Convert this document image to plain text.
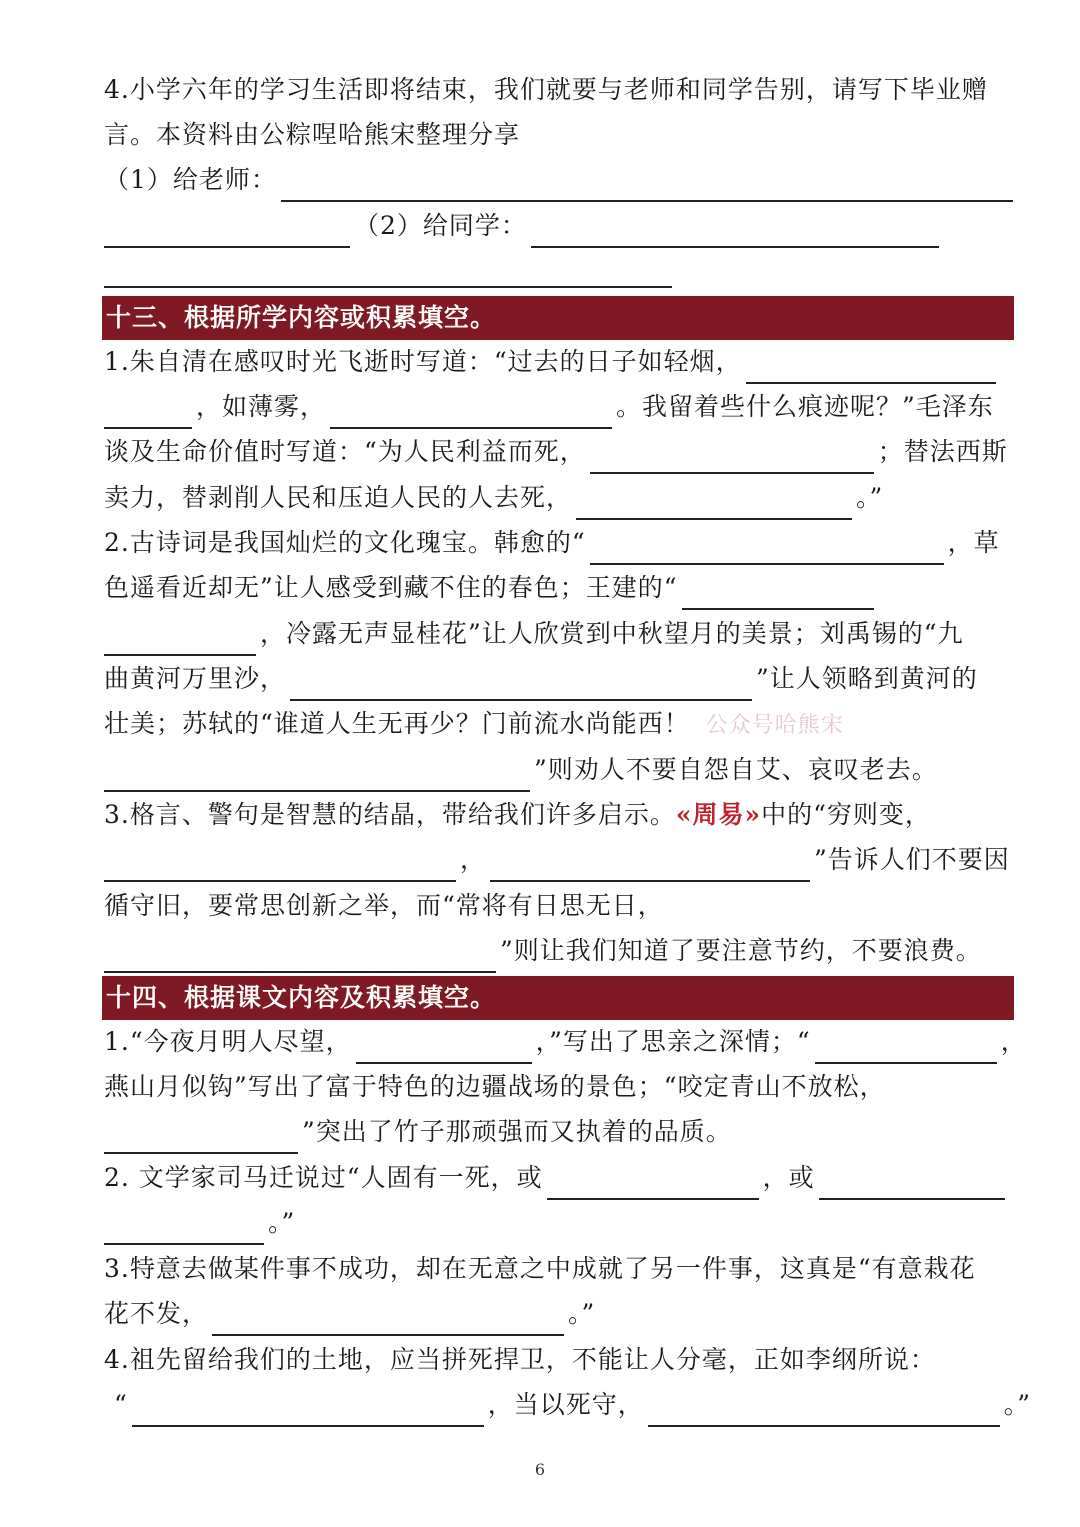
4.小学六年的学习生活即将结束，我们就要与老师和同学告别，请写下毕业赠
言。本资料由公粽㖏哈熊宋整理分享
（1）给老师：
（2）给同学：
十三、根据所学内容或积累填空。
1.朱自清在感叹时光飞逝时写道：“过去的日子如轻烟，
，如薄雾，	。我留着些什么痕迹呢？”毛泽东
谈及生命价值时写道：“为人民利益而死，	；替法西斯
卖力，替剥削人民和压迫人民的人去死，	。”
2.古诗词是我国灿烂的文化瑰宝。韩愈的“	，草
色遥看近却无”让人感受到藏不住的春色；王建的“
，冷露无声显桂花”让人欣赏到中秋望月的美景；刘禹锡的“九
曲黄河万里沙，	”让人领略到黄河的
壮美；苏轼的“谁道人生无再少？门前流水尚能西！ 公众号哈熊宋
”则劝人不要自怨自艾、哀叹老去。
3.格言、警句是智慧的结晶，带给我们许多启示。«周易»中的“穷则变，
，	”告诉人们不要因
循守旧，要常思创新之举，而“常将有日思无日，
”则让我们知道了要注意节约，不要浪费。
十四、根据课文内容及积累填空。
1.“今夜月明人尽望，	，”写出了思亲之深情；“	，
燕山月似钩”写出了富于特色的边疆战场的景色；“咬定青山不放松，
”突出了竹子那顽强而又执着的品质。
2. 文学家司马迁说过“人固有一死，或	，或
。”
3.特意去做某件事不成功，却在无意之中成就了另一件事，这真是“有意栽花
花不发，	。”
4.祖先留给我们的土地，应当拼死捍卫，不能让人分毫，正如李纲所说：
“	，当以死守，	。”
6
